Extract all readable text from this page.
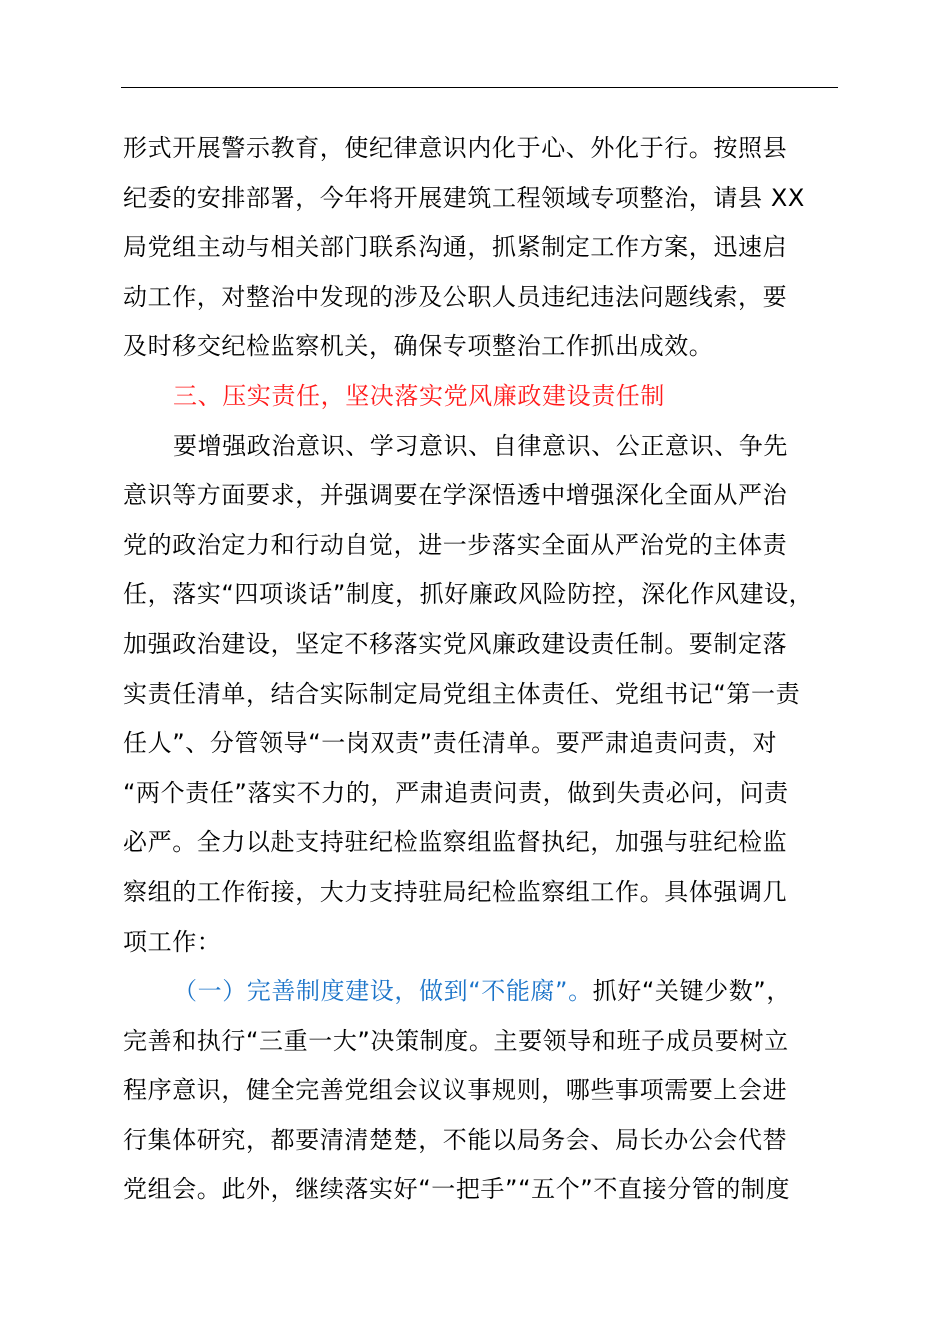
形式开展警示教育，使纪律意识内化于心、外化于行。按照县
纪委的安排部署，今年将开展建筑工程领域专项整治，请县 XX
局党组主动与相关部门联系沟通，抓紧制定工作方案，迅速启
动工作，对整治中发现的涉及公职人员违纪违法问题线索，要
及时移交纪检监察机关，确保专项整治工作抓出成效。
三、压实责任，坚决落实党风廉政建设责任制
要增强政治意识、学习意识、自律意识、公正意识、争先
意识等方面要求，并强调要在学深悟透中增强深化全面从严治
党的政治定力和行动自觉，进一步落实全面从严治党的主体责
任，落实“四项谈话”制度，抓好廉政风险防控，深化作风建设，
加强政治建设，坚定不移落实党风廉政建设责任制。要制定落
实责任清单，结合实际制定局党组主体责任、党组书记“第一责
任人”、分管领导“一岗双责”责任清单。要严肃追责问责，对
“两个责任”落实不力的，严肃追责问责，做到失责必问，问责
必严。全力以赴支持驻纪检监察组监督执纪，加强与驻纪检监
察组的工作衔接，大力支持驻局纪检监察组工作。具体强调几
项工作：
（一）完善制度建设，做到“不能腐”。抓好“关键少数”，
完善和执行“三重一大”决策制度。主要领导和班子成员要树立
程序意识，健全完善党组会议议事规则，哪些事项需要上会进
行集体研究，都要清清楚楚，不能以局务会、局长办公会代替
党组会。此外，继续落实好“一把手”“五个”不直接分管的制度
